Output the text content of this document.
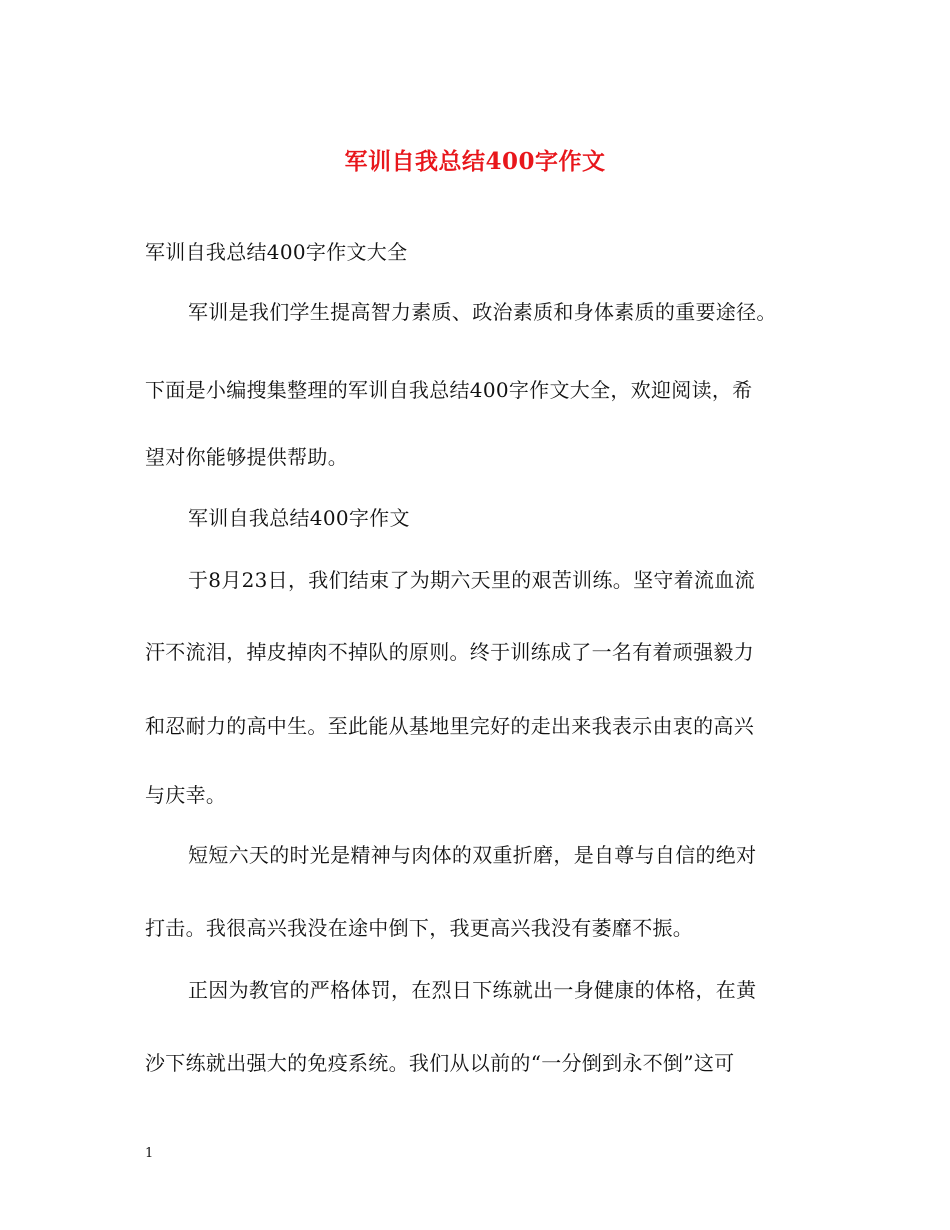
军训自我总结400字作文
军训自我总结400字作文大全
军训是我们学生提高智力素质、政治素质和身体素质的重要途径。
下面是小编搜集整理的军训自我总结400字作文大全，欢迎阅读，希
望对你能够提供帮助。
军训自我总结400字作文
于8月23日，我们结束了为期六天里的艰苦训练。坚守着流血流
汗不流泪，掉皮掉肉不掉队的原则。终于训练成了一名有着顽强毅力
和忍耐力的高中生。至此能从基地里完好的走出来我表示由衷的高兴
与庆幸。
短短六天的时光是精神与肉体的双重折磨，是自尊与自信的绝对
打击。我很高兴我没在途中倒下，我更高兴我没有萎靡不振。
正因为教官的严格体罚，在烈日下练就出一身健康的体格，在黄
沙下练就出强大的免疫系统。我们从以前的“一分倒到永不倒”这可
1
